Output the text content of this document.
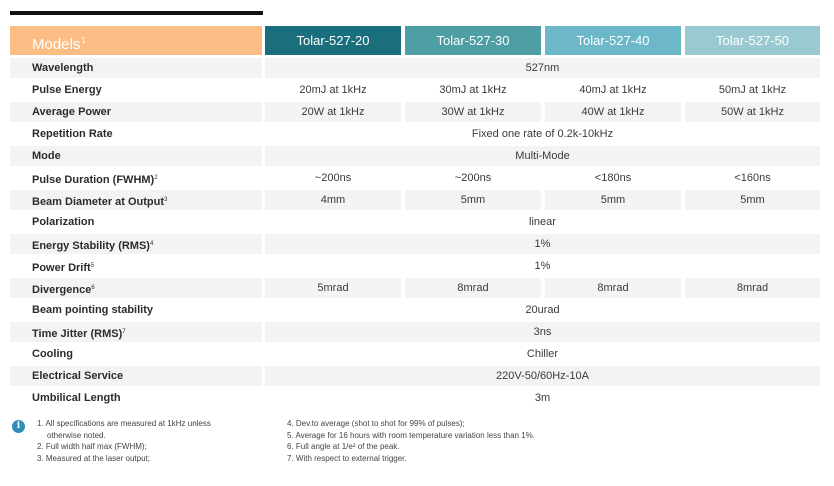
Models$^1$	Tolar-527-20	Tolar-527-30	Tolar-527-40	Tolar-527-50
Wavelength	527nm
Pulse Energy	20mJ at 1kHz	30mJ at 1kHz	40mJ at 1kHz	50mJ at 1kHz
Average Power	20W at 1kHz	30W at 1kHz	40W at 1kHz	50W at 1kHz
Repetition Rate	Fixed one rate of 0.2k-10kHz
Mode	Multi-Mode
Pulse Duration (FWHM)$^2$	~200ns	~200ns	<180ns	<160ns
Beam Diameter at Output$^3$	4mm	5mm	5mm	5mm
Polarization	linear
Energy Stability (RMS)$^4$	1%
Power Drift$^5$	1%
Divergence$^6$	5mrad	8mrad	8mrad	8mrad
Beam pointing stability	20urad
Time Jitter (RMS)$^7$	3ns
Cooling	Chiller
Electrical Service	220V-50/60Hz-10A
Umbilical Length	3m
i	1. All specifications are measured at 1kHz unless
otherwise noted.
2. Full width half max (FWHM);
3. Measured at the laser output;
4. Dev.to average (shot to shot for 99% of pulses);
5. Average for 16 hours with room temperature variation less than 1%.
6. Full angle at 1/e² of the peak.
7. With respect to external trigger.
